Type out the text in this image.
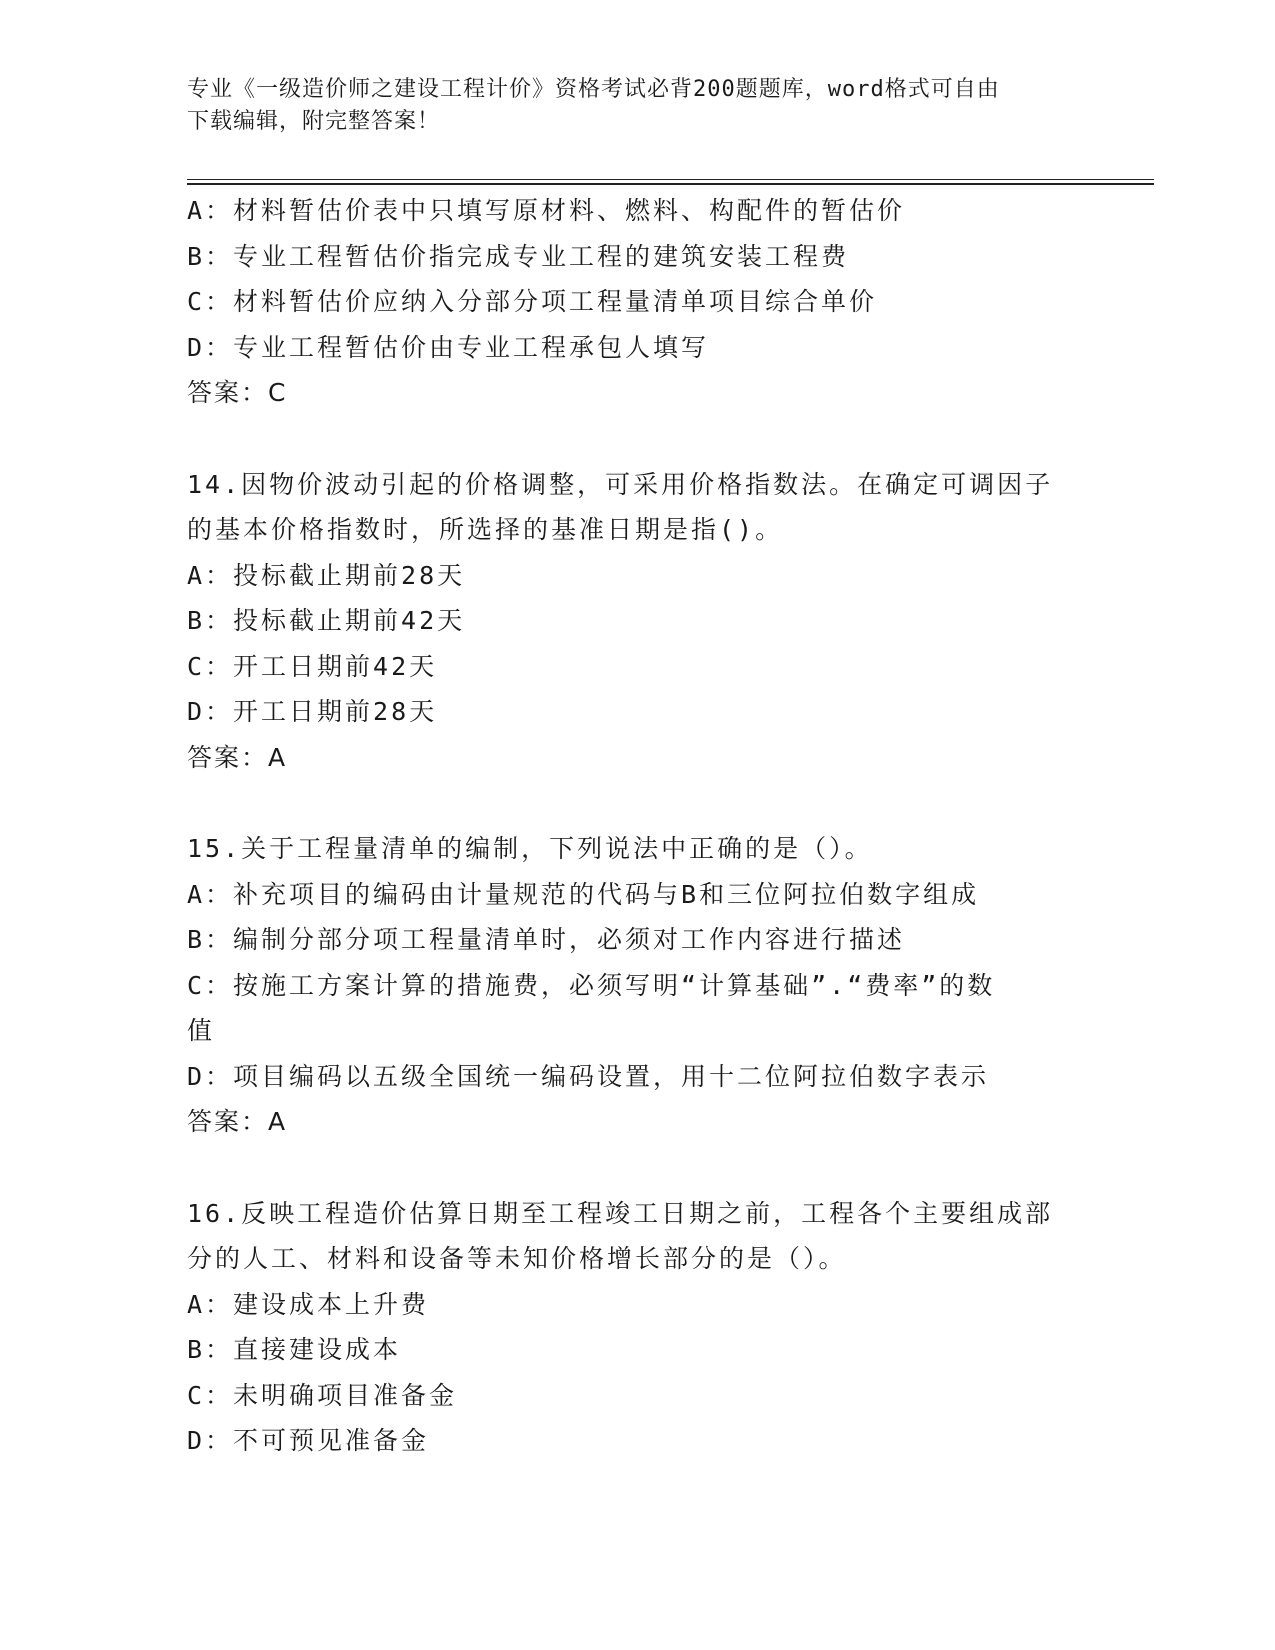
专业《一级造价师之建设工程计价》资格考试必背200题题库，word格式可自由
下载编辑，附完整答案！
A：材料暂估价表中只填写原材料、燃料、构配件的暂估价
B：专业工程暂估价指完成专业工程的建筑安装工程费
C：材料暂估价应纳入分部分项工程量清单项目综合单价
D：专业工程暂估价由专业工程承包人填写
答案：C
14.因物价波动引起的价格调整，可采用价格指数法。在确定可调因子
的基本价格指数时，所选择的基准日期是指()。
A：投标截止期前28天
B：投标截止期前42天
C：开工日期前42天
D：开工日期前28天
答案：A
15.关于工程量清单的编制，下列说法中正确的是（）。
A：补充项目的编码由计量规范的代码与B和三位阿拉伯数字组成
B：编制分部分项工程量清单时，必须对工作内容进行描述
C：按施工方案计算的措施费，必须写明“计算基础”.“费率”的数
值
D：项目编码以五级全国统一编码设置，用十二位阿拉伯数字表示
答案：A
16.反映工程造价估算日期至工程竣工日期之前，工程各个主要组成部
分的人工、材料和设备等未知价格增长部分的是（）。
A：建设成本上升费
B：直接建设成本
C：未明确项目准备金
D：不可预见准备金
